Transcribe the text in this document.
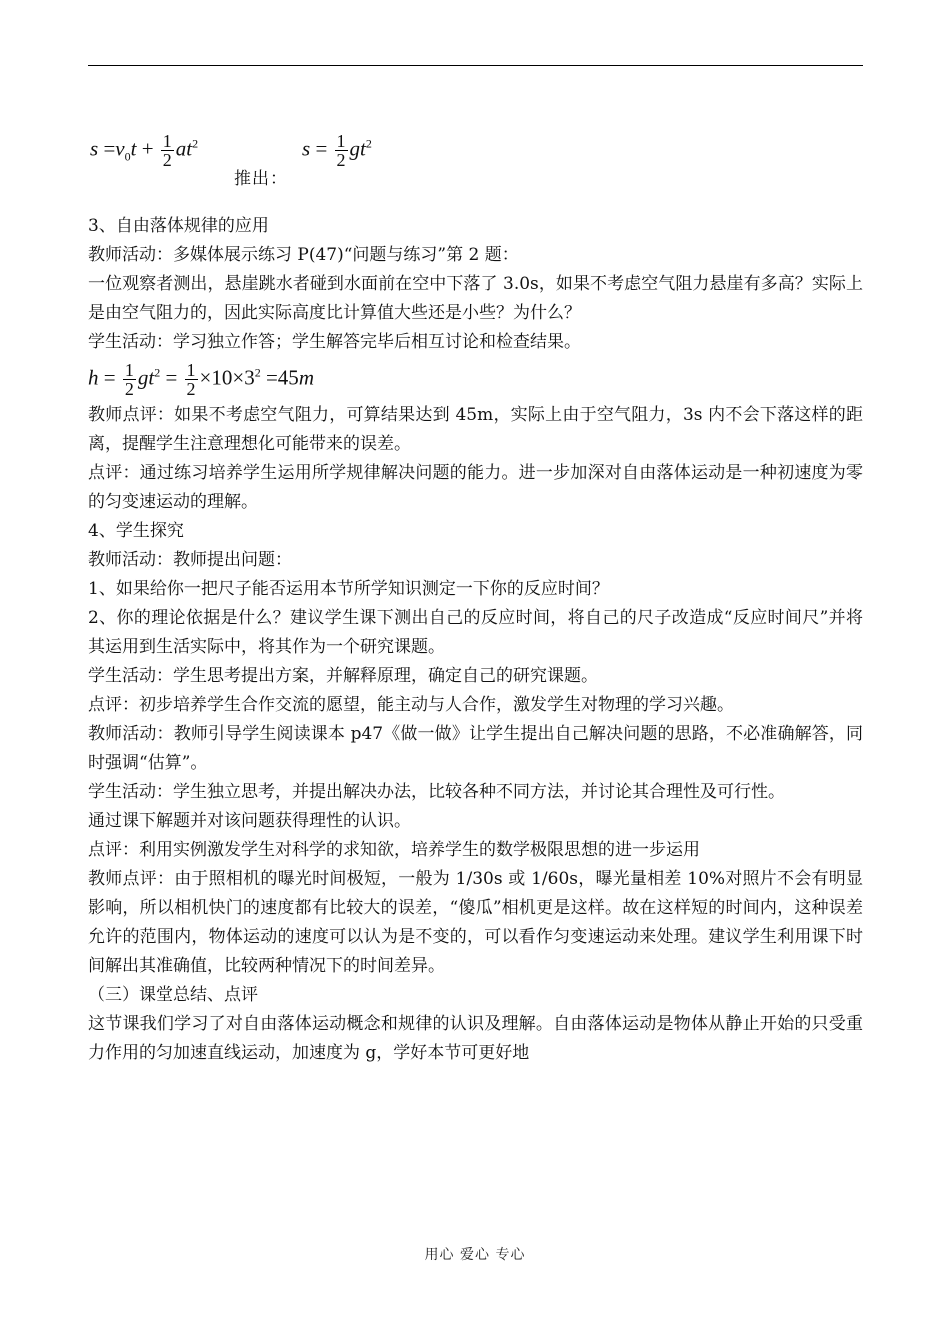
$s =v_0t + \frac{1}{2} at^2$
推出：
$s = \frac{1}{2} gt^2$

3、自由落体规律的应用

教师活动：多媒体展示练习 P(47)“问题与练习”第 2 题：

一位观察者测出，悬崖跳水者碰到水面前在空中下落了 3.0s，如果不考虑空气阻力悬崖有多高？实际上是由空气阻力的，因此实际高度比计算值大些还是小些？为什么？

学生活动：学习独立作答；学生解答完毕后相互讨论和检查结果。

$h = \frac{1}{2} gt^2 = \frac{1}{2} \times 10\times 3^2 =45m$

教师点评：如果不考虑空气阻力，可算结果达到 45m，实际上由于空气阻力，3s 内不会下落这样的距离，提醒学生注意理想化可能带来的误差。

点评：通过练习培养学生运用所学规律解决问题的能力。进一步加深对自由落体运动是一种初速度为零的匀变速运动的理解。

4、学生探究

教师活动：教师提出问题：

1、如果给你一把尺子能否运用本节所学知识测定一下你的反应时间？

2、你的理论依据是什么？建议学生课下测出自己的反应时间，将自己的尺子改造成“反应时间尺”并将其运用到生活实际中，将其作为一个研究课题。

学生活动：学生思考提出方案，并解释原理，确定自己的研究课题。

点评：初步培养学生合作交流的愿望，能主动与人合作，激发学生对物理的学习兴趣。

教师活动：教师引导学生阅读课本 p47《做一做》让学生提出自己解决问题的思路，不必准确解答，同时强调“估算”。

学生活动：学生独立思考，并提出解决办法，比较各种不同方法，并讨论其合理性及可行性。

通过课下解题并对该问题获得理性的认识。

点评：利用实例激发学生对科学的求知欲，培养学生的数学极限思想的进一步运用

教师点评：由于照相机的曝光时间极短，一般为 1/30s 或 1/60s，曝光量相差 10%对照片不会有明显影响，所以相机快门的速度都有比较大的误差，“傻瓜”相机更是这样。故在这样短的时间内，这种误差允许的范围内，物体运动的速度可以认为是不变的，可以看作匀变速运动来处理。建议学生利用课下时间解出其准确值，比较两种情况下的时间差异。

（三）课堂总结、点评

这节课我们学习了对自由落体运动概念和规律的认识及理解。自由落体运动是物体从静止开始的只受重力作用的匀加速直线运动，加速度为 g，学好本节可更好地

用心 爱心 专心
